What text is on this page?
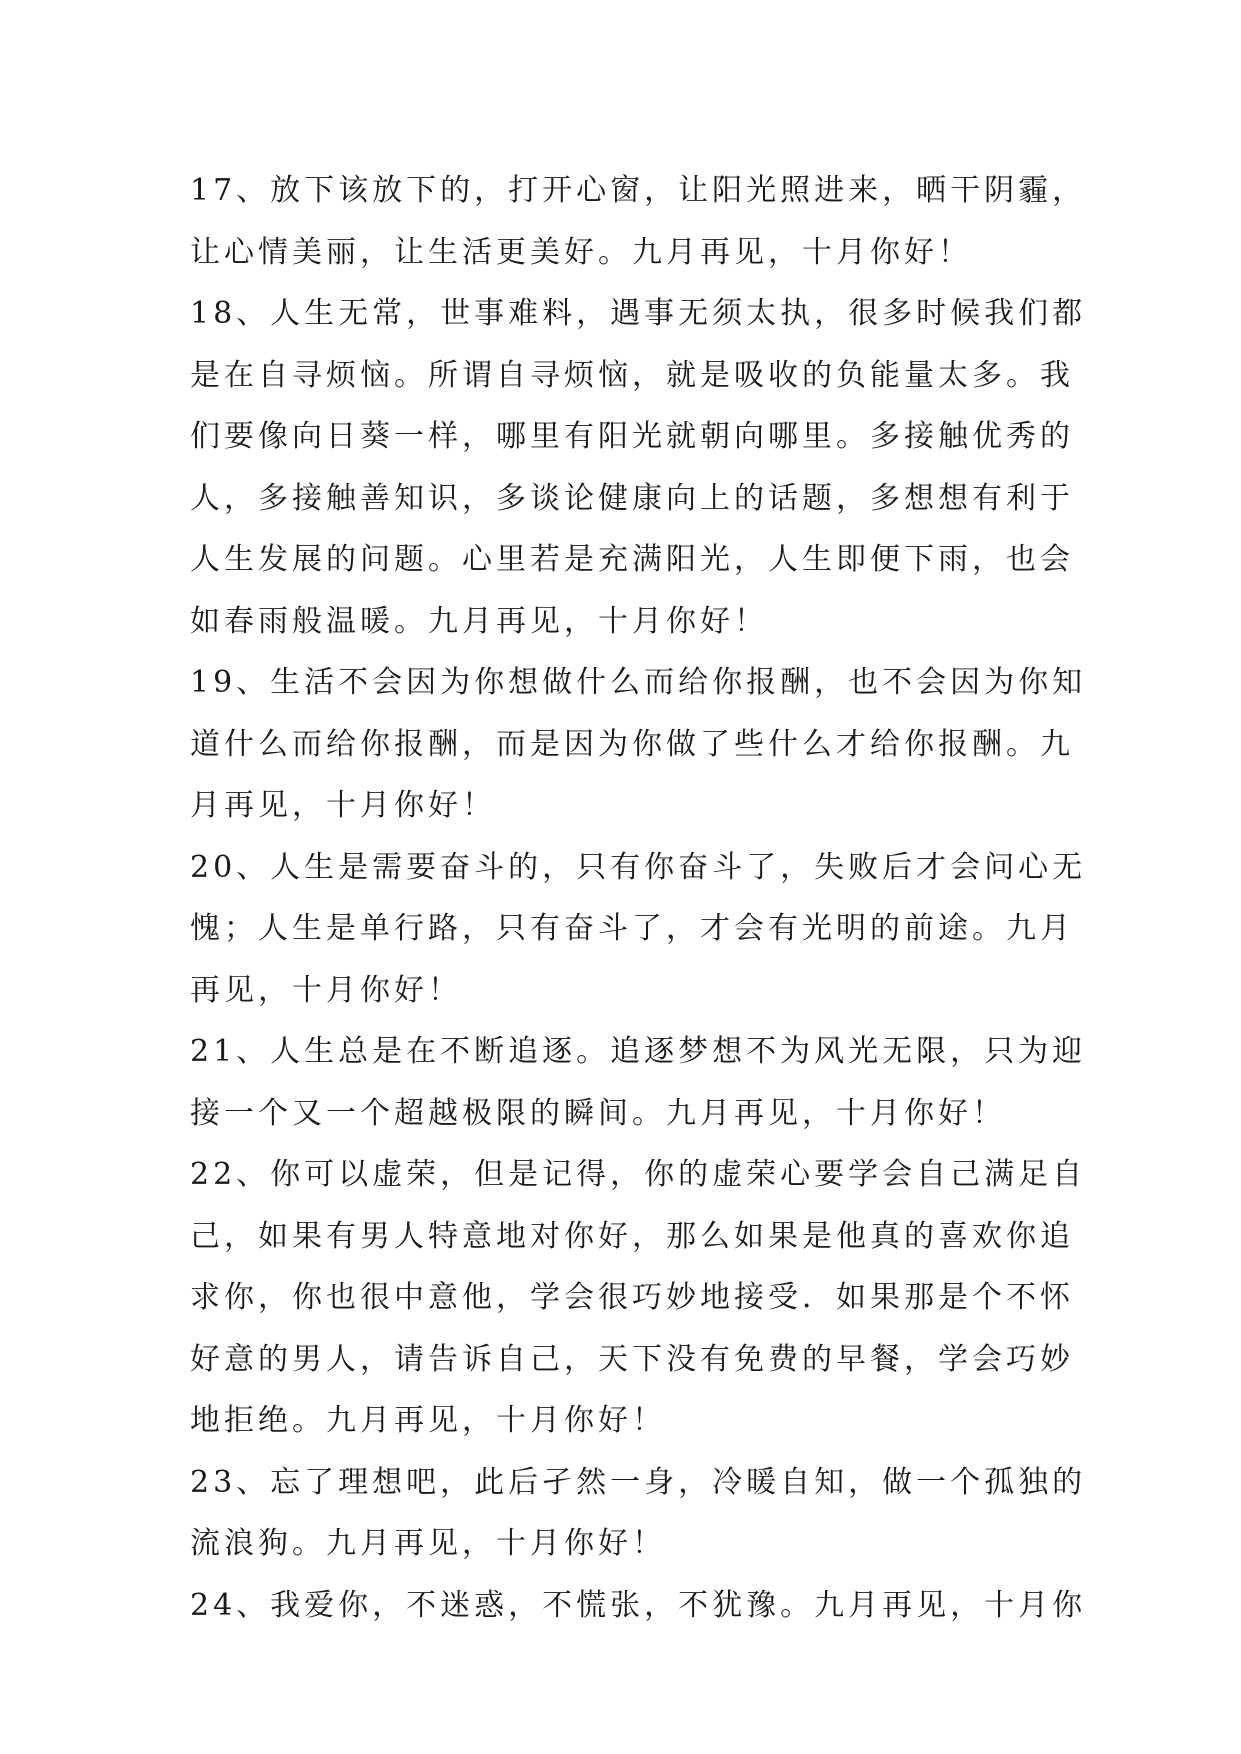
17、放下该放下的，打开心窗，让阳光照进来，晒干阴霾，
让心情美丽，让生活更美好。九月再见，十月你好！
18、人生无常，世事难料，遇事无须太执，很多时候我们都
是在自寻烦恼。所谓自寻烦恼，就是吸收的负能量太多。我
们要像向日葵一样，哪里有阳光就朝向哪里。多接触优秀的
人，多接触善知识，多谈论健康向上的话题，多想想有利于
人生发展的问题。心里若是充满阳光，人生即便下雨，也会
如春雨般温暖。九月再见，十月你好！
19、生活不会因为你想做什么而给你报酬，也不会因为你知
道什么而给你报酬，而是因为你做了些什么才给你报酬。九
月再见，十月你好！
20、人生是需要奋斗的，只有你奋斗了，失败后才会问心无
愧；人生是单行路，只有奋斗了，才会有光明的前途。九月
再见，十月你好！
21、人生总是在不断追逐。追逐梦想不为风光无限，只为迎
接一个又一个超越极限的瞬间。九月再见，十月你好！
22、你可以虚荣，但是记得，你的虚荣心要学会自己满足自
己，如果有男人特意地对你好，那么如果是他真的喜欢你追
求你，你也很中意他，学会很巧妙地接受．如果那是个不怀
好意的男人，请告诉自己，天下没有免费的早餐，学会巧妙
地拒绝。九月再见，十月你好！
23、忘了理想吧，此后孑然一身，冷暖自知，做一个孤独的
流浪狗。九月再见，十月你好！
24、我爱你，不迷惑，不慌张，不犹豫。九月再见，十月你
